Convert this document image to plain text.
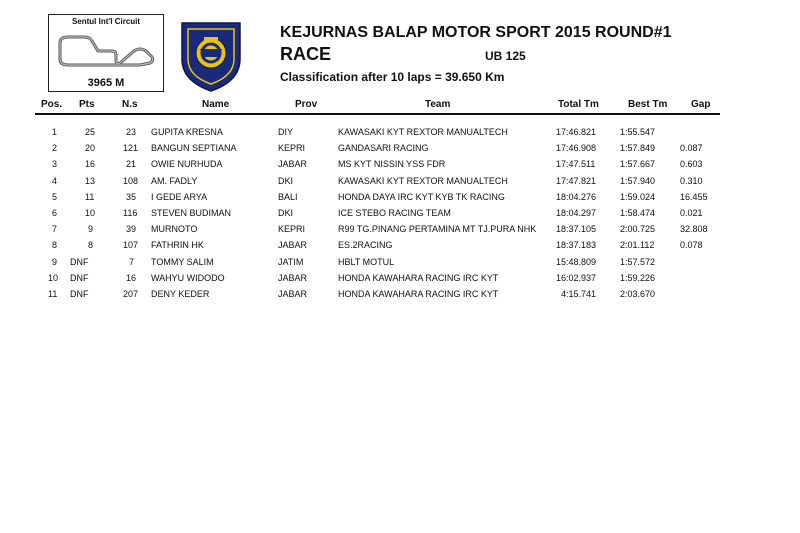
Sentul Int'l Circuit
3965 M
KEJURNAS BALAP MOTOR SPORT 2015 ROUND#1
RACE	UB 125
Classification after 10 laps = 39.650 Km
Pos. Pts	N.s	Name	Prov	Team	Total Tm	Best Tm Gap
1	25	23 GUPITA KRESNA	DIY	KAWASAKI KYT REXTOR MANUALTECH	17:46.821	1:55.547
2	20	121 BANGUN SEPTIANA	KEPRI	GANDASARI RACING	17:46.908	1:57.849	0.087
3	16	21 OWIE NURHUDA	JABAR	MS KYT NISSIN YSS FDR	17:47.511	1:57.667	0.603
4	13	108 AM. FADLY	DKI	KAWASAKI KYT REXTOR MANUALTECH	17:47.821	1:57.940	0.310
5	11	35 I GEDE ARYA	BALI	HONDA DAYA IRC KYT KYB TK RACING	18:04.276	1:59.024	16.455
6	10	116 STEVEN BUDIMAN	DKI	ICE STEBO RACING TEAM	18:04.297	1:58.474	0.021
7	9	39 MURNOTO	KEPRI	R99 TG.PINANG PERTAMINA MT TJ.PURA NHK 18:37.105	2:00.725	32.808
8	8	107 FATHRIN HK	JABAR	ES.2RACING	18:37.183	2:01.112	0.078
9 DNF	7 TOMMY SALIM	JATIM	HBLT MOTUL	15:48.809	1:57.572
10 DNF	16 WAHYU WIDODO	JABAR	HONDA KAWAHARA RACING IRC KYT	16:02.937	1:59.226
11 DNF	207 DENY KEDER	JABAR	HONDA KAWAHARA RACING IRC KYT	4:15.741	2:03.670
